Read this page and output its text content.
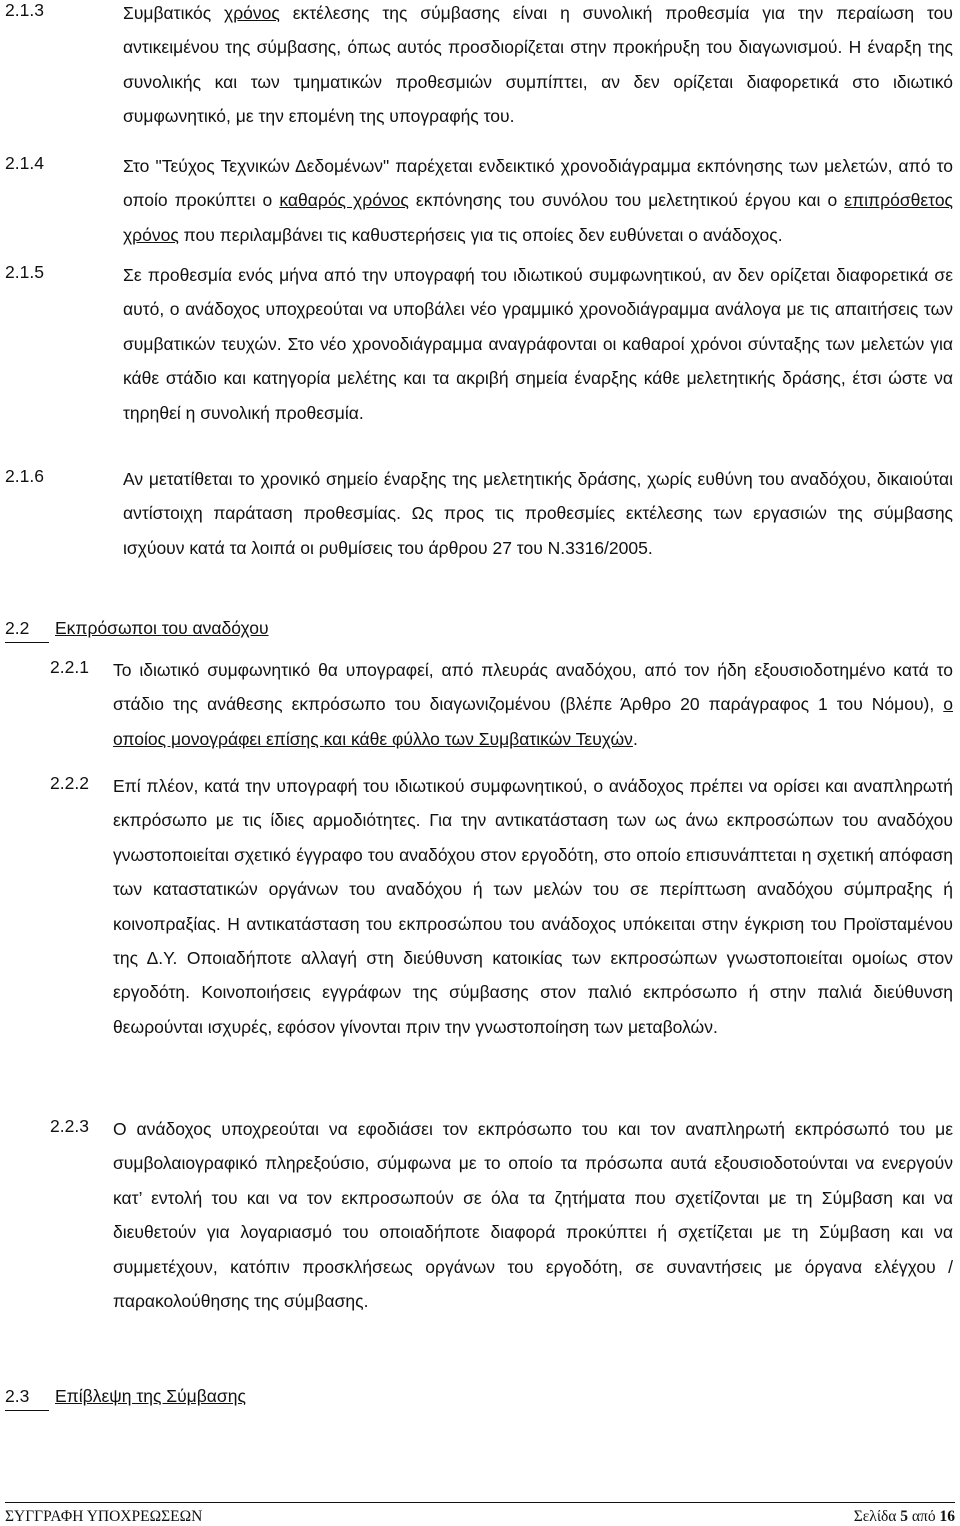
2.1.3	Συμβατικός χρόνος εκτέλεσης της σύμβασης είναι η συνολική προθεσμία για την περαίωση του αντικειμένου της σύμβασης, όπως αυτός προσδιορίζεται στην προκήρυξη του διαγωνισμού. Η έναρξη της συνολικής και των τμηματικών προθεσμιών συμπίπτει, αν δεν ορίζεται διαφορετικά στο ιδιωτικό συμφωνητικό, με την επομένη της υπογραφής του.
2.1.4	Στο "Τεύχος Τεχνικών Δεδομένων" παρέχεται ενδεικτικό χρονοδιάγραμμα εκπόνησης των μελετών, από το οποίο προκύπτει ο καθαρός χρόνος εκπόνησης του συνόλου του μελετητικού έργου και ο επιπρόσθετος χρόνος που περιλαμβάνει τις καθυστερήσεις για τις οποίες δεν ευθύνεται ο ανάδοχος.
2.1.5	Σε προθεσμία ενός μήνα από την υπογραφή του ιδιωτικού συμφωνητικού, αν δεν ορίζεται διαφορετικά σε αυτό, ο ανάδοχος υποχρεούται να υποβάλει νέο γραμμικό χρονοδιάγραμμα ανάλογα με τις απαιτήσεις των συμβατικών τευχών. Στο νέο χρονοδιάγραμμα αναγράφονται οι καθαροί χρόνοι σύνταξης των μελετών για κάθε στάδιο και κατηγορία μελέτης και τα ακριβή σημεία έναρξης κάθε μελετητικής δράσης, έτσι ώστε να τηρηθεί η συνολική προθεσμία.
2.1.6	Αν μετατίθεται το χρονικό σημείο έναρξης της μελετητικής δράσης, χωρίς ευθύνη του αναδόχου, δικαιούται αντίστοιχη παράταση προθεσμίας. Ως προς τις προθεσμίες εκτέλεσης των εργασιών της σύμβασης ισχύουν κατά τα λοιπά οι ρυθμίσεις του άρθρου 27 του Ν.3316/2005.
2.2 Εκπρόσωποι του αναδόχου
2.2.1 Το ιδιωτικό συμφωνητικό θα υπογραφεί, από πλευράς αναδόχου, από τον ήδη εξουσιοδοτημένο κατά το στάδιο της ανάθεσης εκπρόσωπο του διαγωνιζομένου (βλέπε Άρθρο 20 παράγραφος 1 του Νόμου), ο οποίος μονογράφει επίσης και κάθε φύλλο των Συμβατικών Τευχών.
2.2.2 Επί πλέον, κατά την υπογραφή του ιδιωτικού συμφωνητικού, ο ανάδοχος πρέπει να ορίσει και αναπληρωτή εκπρόσωπο με τις ίδιες αρμοδιότητες. Για την αντικατάσταση των ως άνω εκπροσώπων του αναδόχου γνωστοποιείται σχετικό έγγραφο του αναδόχου στον εργοδότη, στο οποίο επισυνάπτεται η σχετική απόφαση των καταστατικών οργάνων του αναδόχου ή των μελών του σε περίπτωση αναδόχου σύμπραξης ή κοινοπραξίας. Η αντικατάσταση του εκπροσώπου του ανάδοχος υπόκειται στην έγκριση του Προϊσταμένου της Δ.Υ. Οποιαδήποτε αλλαγή στη διεύθυνση κατοικίας των εκπροσώπων γνωστοποιείται ομοίως στον εργοδότη. Κοινοποιήσεις εγγράφων της σύμβασης στον παλιό εκπρόσωπο ή στην παλιά διεύθυνση θεωρούνται ισχυρές, εφόσον γίνονται πριν την γνωστοποίηση των μεταβολών.
2.2.3 Ο ανάδοχος υποχρεούται να εφοδιάσει τον εκπρόσωπο του και τον αναπληρωτή εκπρόσωπό του με συμβολαιογραφικό πληρεξούσιο, σύμφωνα με το οποίο τα πρόσωπα αυτά εξουσιοδοτούνται να ενεργούν κατ’ εντολή του και να τον εκπροσωπούν σε όλα τα ζητήματα που σχετίζονται με τη Σύμβαση και να διευθετούν για λογαριασμό του οποιαδήποτε διαφορά προκύπτει ή σχετίζεται με τη Σύμβαση και να συμμετέχουν, κατόπιν προσκλήσεως οργάνων του εργοδότη, σε συναντήσεις με όργανα ελέγχου / παρακολούθησης της σύμβασης.
2.3 Επίβλεψη της Σύμβασης
ΣΥΓΓΡΑΦΗ ΥΠΟΧΡΕΩΣΕΩΝ	Σελίδα 5 από 16
